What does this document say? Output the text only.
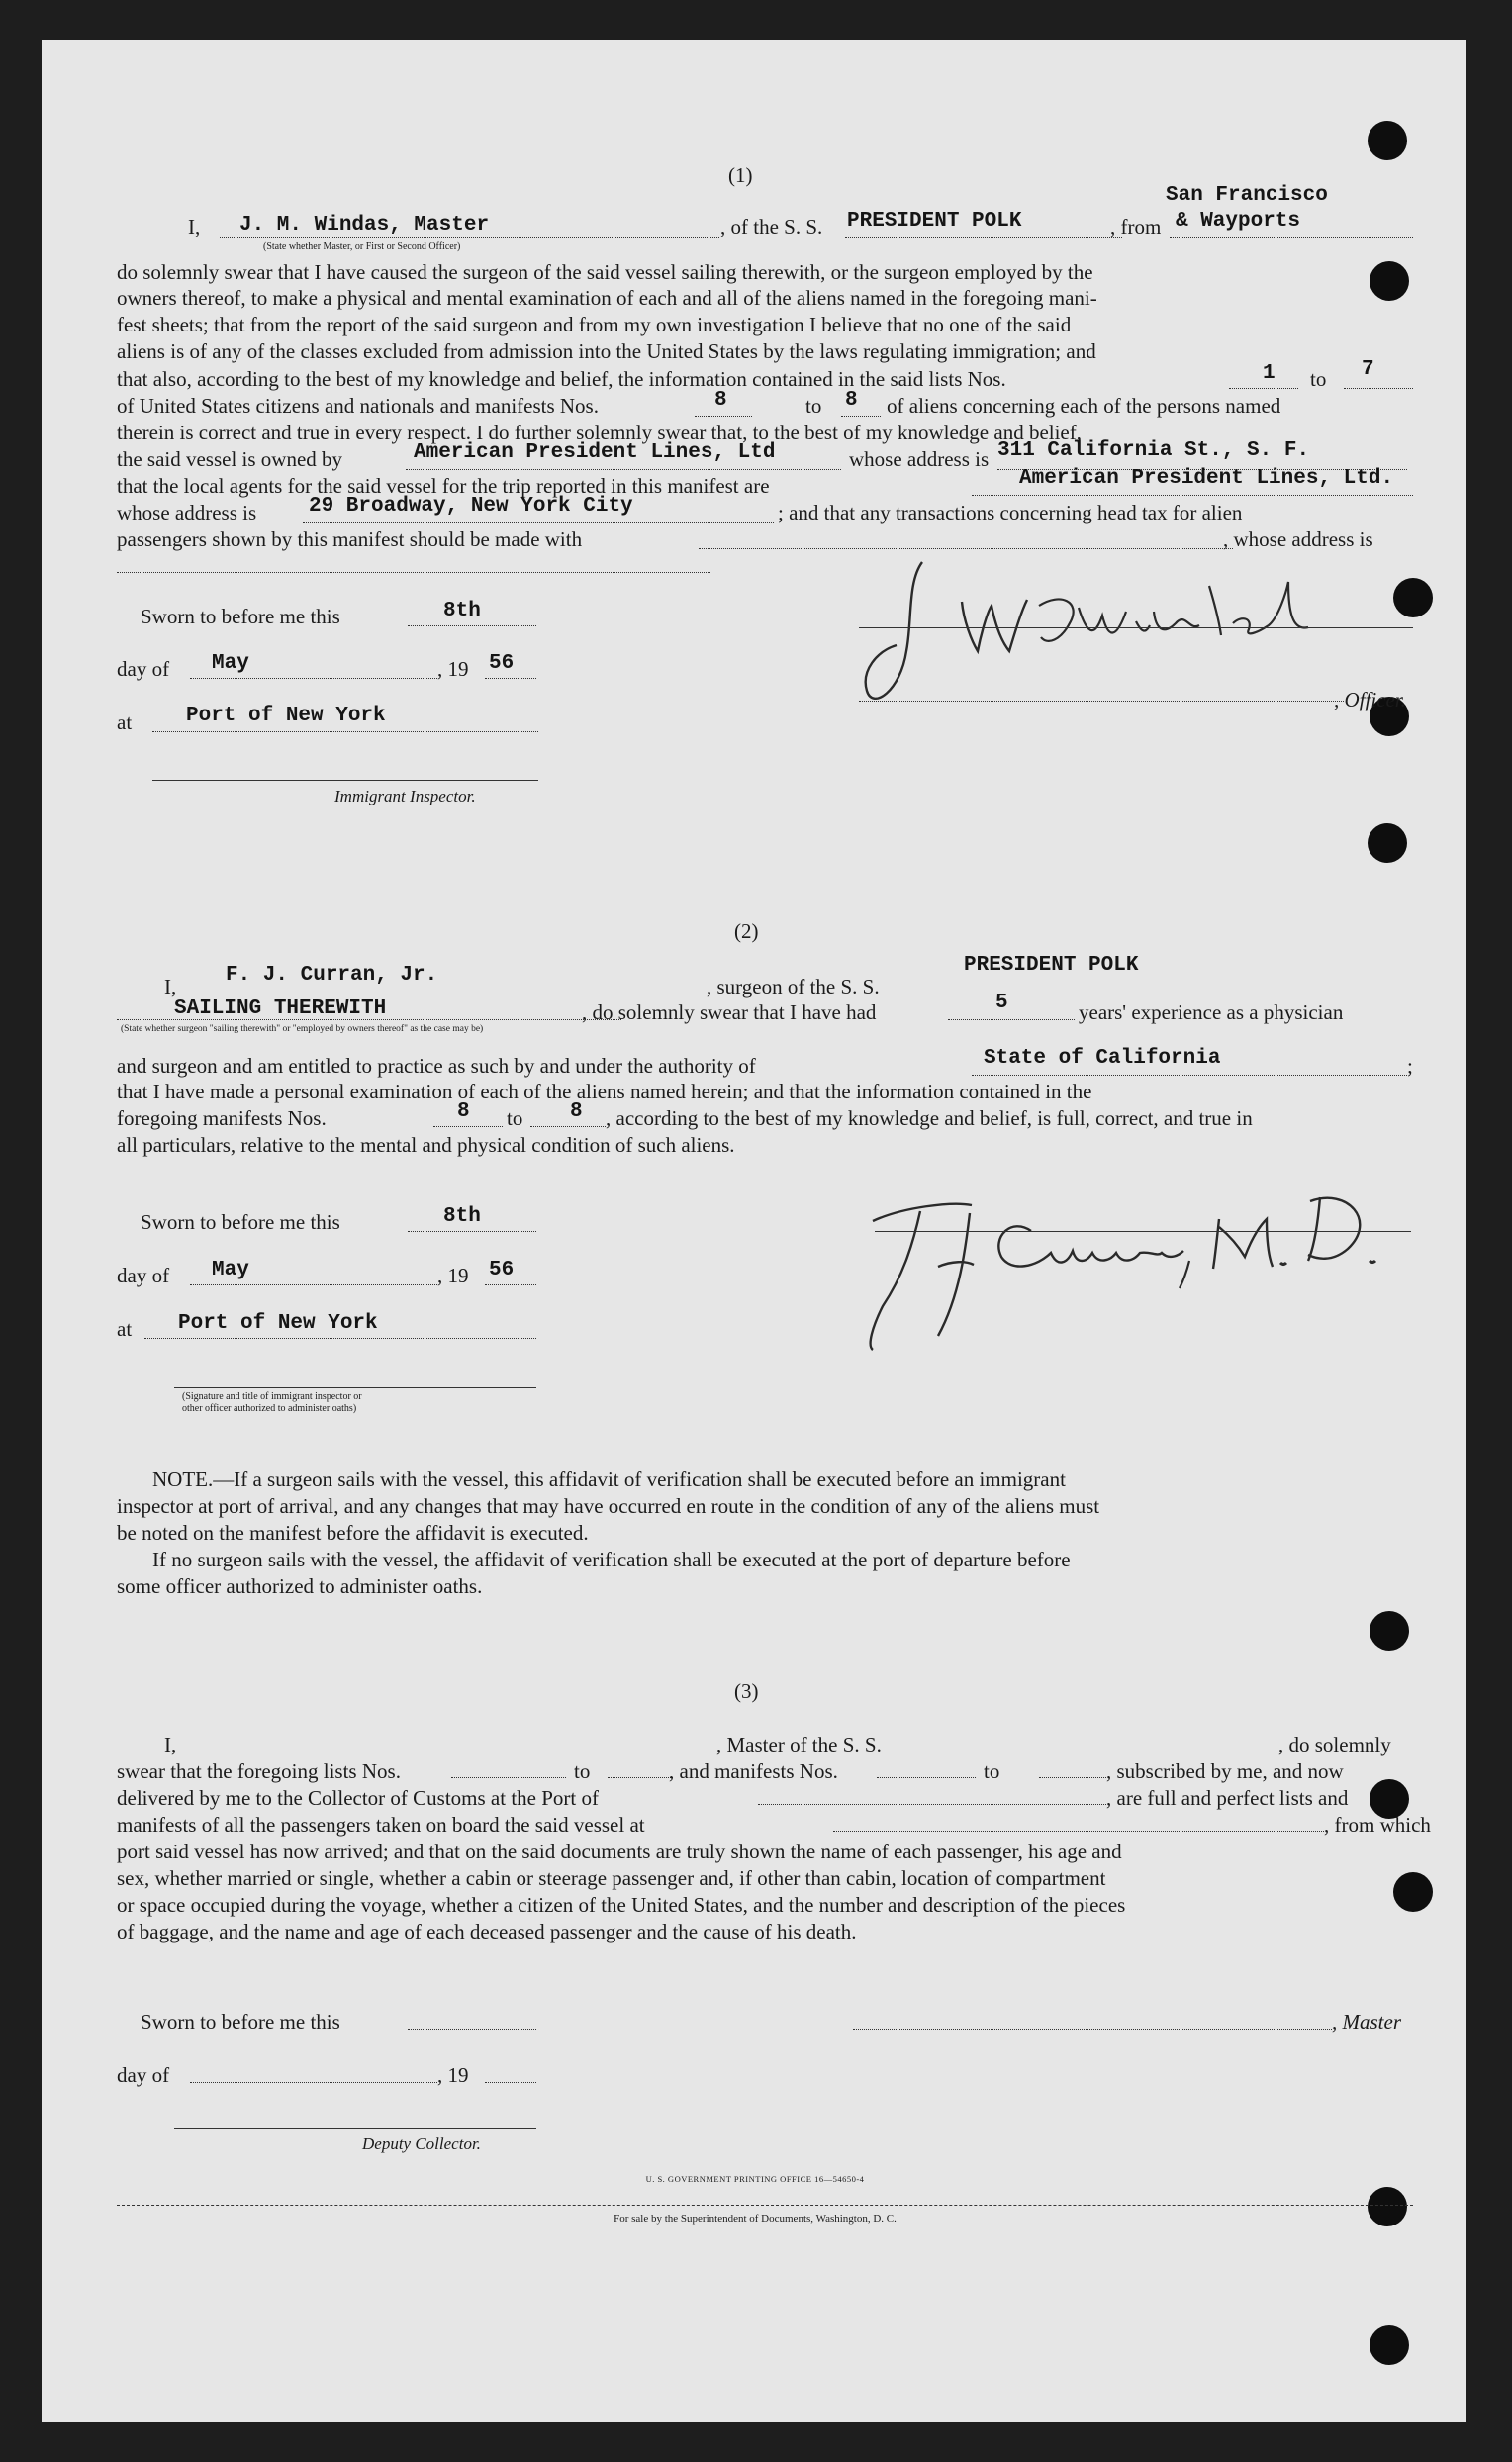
(1)
San Francisco
I, J. M. Windas, Master
(State whether Master, or First or Second Officer)
, of the S. S. PRESIDENT POLK	, from & Wayports
do solemnly swear that I have caused the surgeon of the said vessel sailing therewith, or the surgeon employed by the
owners thereof, to make a physical and mental examination of each and all of the aliens named in the foregoing mani-
fest sheets; that from the report of the said surgeon and from my own investigation I believe that no one of the said
aliens is of any of the classes excluded from admission into the United States by the laws regulating immigration; and
that also, according to the best of my knowledge and belief, the information contained in the said lists Nos.	1 to 7
of United States citizens and nationals and manifests Nos.	8	to 8 of aliens concerning each of the persons named
therein is correct and true in every respect. I do further solemnly swear that, to the best of my knowledge and belief,
the said vessel is owned by	American President Lines, Ltd	whose address is 311 California St., S. F.
that the local agents for the said vessel for the trip reported in this manifest are	American President Lines, Ltd.
whose address is	29 Broadway, New York City	; and that any transactions concerning head tax for alien
passengers shown by this manifest should be made with	, whose address is
Sworn to before me this	8th
day of May	, 19 56
at	Port of New York
, Officer.
Immigrant Inspector.
(2)
PRESIDENT POLK
I, F. J. Curran, Jr.	, surgeon of the S. S.
SAILING THEREWITH	, do solemnly swear that I have had	5	years' experience as a physician
(State whether surgeon "sailing therewith" or "employed by owners thereof" as the case may be)
and surgeon and am entitled to practice as such by and under the authority of	State of California	;
that I have made a personal examination of each of the aliens named herein; and that the information contained in the
foregoing manifests Nos.	8 to 8 , according to the best of my knowledge and belief, is full, correct, and true in
all particulars, relative to the mental and physical condition of such aliens.
Sworn to before me this	8th
day of May	, 19 56
at Port of New York
(Signature and title of immigrant inspector or
other officer authorized to administer oaths)
NOTE.—If a surgeon sails with the vessel, this affidavit of verification shall be executed before an immigrant
inspector at port of arrival, and any changes that may have occurred en route in the condition of any of the aliens must
be noted on the manifest before the affidavit is executed.
If no surgeon sails with the vessel, the affidavit of verification shall be executed at the port of departure before
some officer authorized to administer oaths.
(3)
I,	, Master of the S. S.	, do solemnly
swear that the foregoing lists Nos.	to	, and manifests Nos.	to	, subscribed by me, and now
delivered by me to the Collector of Customs at the Port of	, are full and perfect lists and
manifests of all the passengers taken on board the said vessel at	, from which
port said vessel has now arrived; and that on the said documents are truly shown the name of each passenger, his age and
sex, whether married or single, whether a cabin or steerage passenger and, if other than cabin, location of compartment
or space occupied during the voyage, whether a citizen of the United States, and the number and description of the pieces
of baggage, and the name and age of each deceased passenger and the cause of his death.
Sworn to before me this	, Master
day of	, 19
Deputy Collector.
U. S. GOVERNMENT PRINTING OFFICE 16—54650-4
For sale by the Superintendent of Documents, Washington, D. C.
